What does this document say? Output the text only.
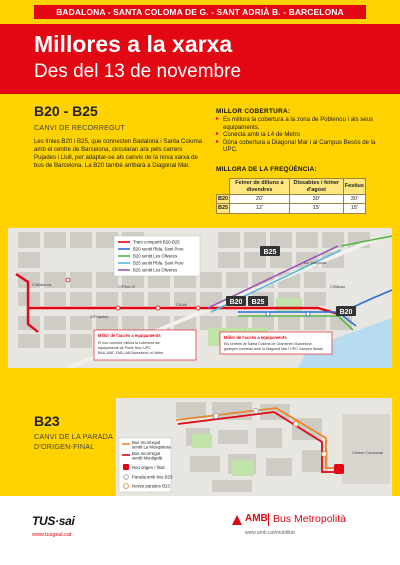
BADALONA - SANTA COLOMA DE G. - SANT ADRIÀ B. - BARCELONA
Millores a la xarxa
Des del 13 de novembre
B20 - B25
CANVI DE RECORREGUT
Les línies B20 i B25, que connecten Badalona i Santa Coloma amb el centre de Barcelona, circularan ara pels carrers Pujades i Llull, per adaptar-se als canvis de la nova xarxa de bus de Barcelona. La B20 també arribarà a Diagonal Mar.
MILLOR COBERTURA:
▸ Es millora la cobertura a la zona de Poblenou i als seus equipaments.
▸ Conecta amb la L4 de Metro
▸ Dóna cobertura a Diagonal Mar i al Campus Besòs de la UPC.
MILLORA DE LA FREQÜÈNCIA:
	Feiner de dilluns a divendres	Dissabtes i feiner d'agost	Festius
B20	20'	30'	30'
B25	12'	15'	15'
B25
B20 B25
B20
C/Mallorca
C/Pujades
C/Llull
C/Pere IV
Av. Diagonal
C/Bilbao
Tram compartit B20-B25
B20 sentit Rbla. Sant Pere
B20 sentit Les Oliveres
B25 sentit Rbla. Sant Pere
B25 sentit Les Oliveres
Millor de l'accés a equipaments
El nou corredor millora la cobertura als
equipaments de Poble Nou: UPC
BAU-MAC-FAB LAB Barcelona i el Metro
Millor de l'accés a equipaments
Els centres de Santa Coloma de Gramenet i Barcelona
guanyen connexió amb la Diagonal Mar i UPC Campus Besòs
B23
CANVI DE LA PARADA
D'ORIGEN-FINAL
Centre Comercial
Bus recorregut
sentit La Mosquitera
Bus recorregut
sentit Montigalà
Nou origen / final
Parada amb bus B23
Noves parades B23
TUS·sai
www.tusgsal.cat
AMB Bus Metropolità
www.amb.cat/mobilitat
